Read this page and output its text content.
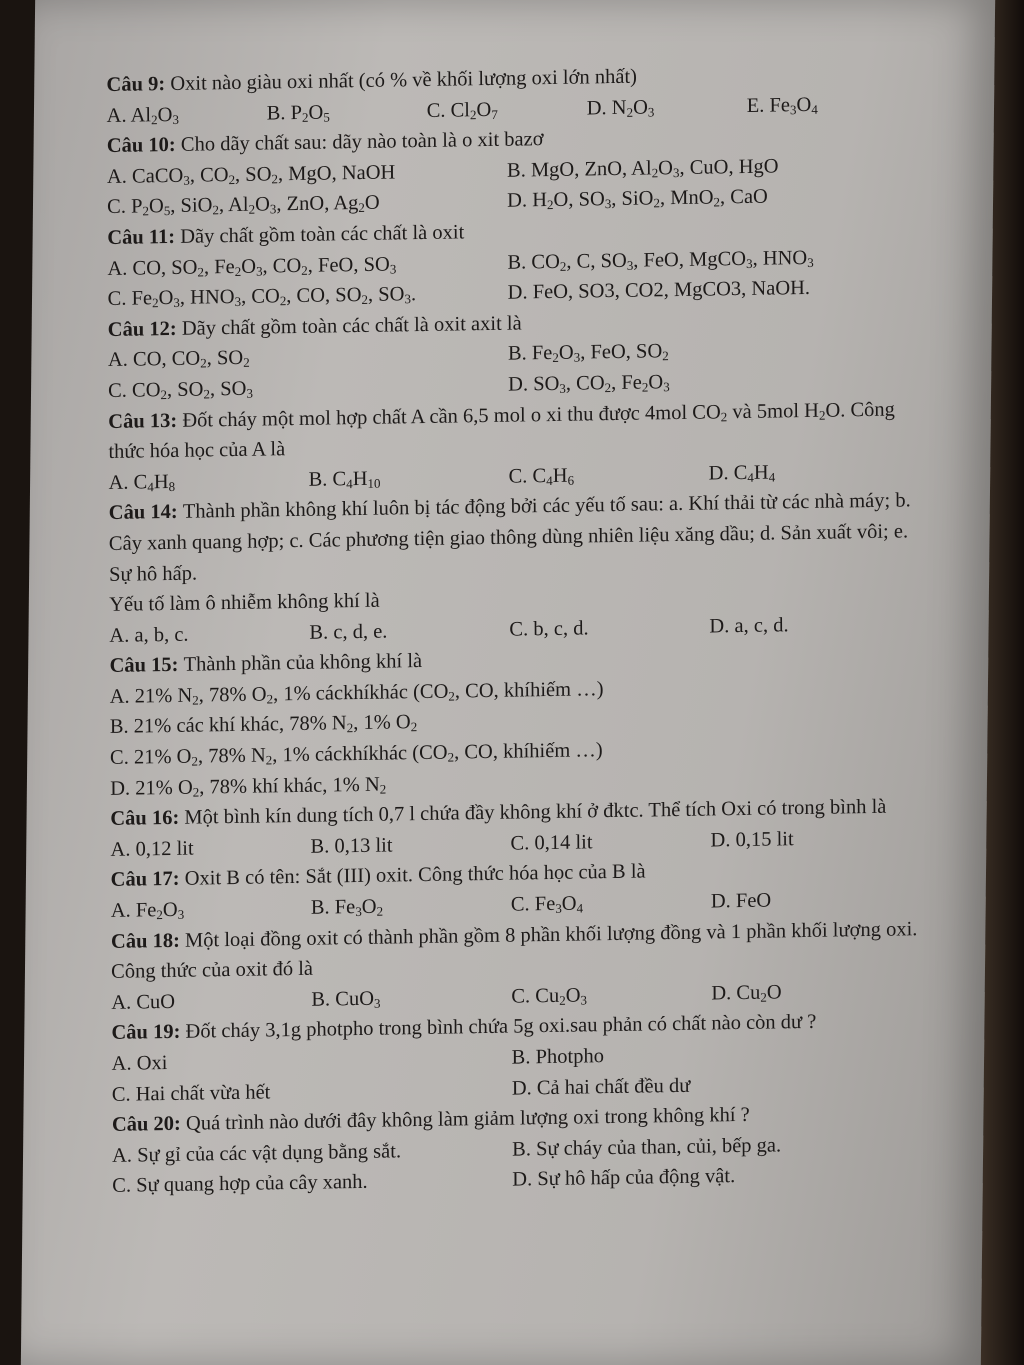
Câu 9: Oxit nào giàu oxi nhất (có % về khối lượng oxi lớn nhất)
A. $Al_2O_3$	B. $P_2O_5$	C. $Cl_2O_7$	D. $N_2O_3$	E. $Fe_3O_4$
Câu 10: Cho dãy chất sau: dãy nào toàn là o xit bazơ
A. CaCO$_3$, $CO_2$, $SO_2$, MgO, NaOH	B. MgO, ZnO, $Al_2O_3$, CuO, HgO
C. $P_2O_5$, SiO$_2$, $Al_2O_3$, ZnO, $Ag_2O$	D. $H_2O$, $SO_3$, SiO$_2$, MnO$_2$, CaO
Câu 11: Dãy chất gồm toàn các chất là oxit
A. CO, $SO_2$, $Fe_2O_3$, $CO_2$, FeO, $SO_3$	B. $CO_2$, C, $SO_3$, FeO, MgCO$_3$, $HNO_3$
C. $Fe_2O_3$, $HNO_3$, $CO_2$, CO, $SO_2$, $SO_3$.	D. FeO, SO3, CO2, MgCO3, NaOH.
Câu 12: Dãy chất gồm toàn các chất là oxit axit là
A. CO, $CO_2$, $SO_2$	B. $Fe_2O_3$, FeO, $SO_2$
C. $CO_2$, $SO_2$, $SO_3$	D. $SO_3$, $CO_2$, $Fe_2O_3$
Câu 13: Đốt cháy một mol hợp chất A cần 6,5 mol o xi thu được 4mol $CO_2$ và 5mol $H_2O$. Công thức hóa học của A là
A. $C_4H_8$	B. $C_4H_{10}$	C. $C_4H_6$	D. $C_4H_4$
Câu 14: Thành phần không khí luôn bị tác động bởi các yếu tố sau: a. Khí thải từ các nhà máy; b. Cây xanh quang hợp; c. Các phương tiện giao thông dùng nhiên liệu xăng dầu; d. Sản xuất vôi; e. Sự hô hấp.
Yếu tố làm ô nhiễm không khí là
A. a, b, c.	B. c, d, e.	C. b, c, d.	D. a, c, d.
Câu 15: Thành phần của không khí là
A. 21% $N_2$, 78% $O_2$, 1% cáckhíkhác ($CO_2$, CO, khíhiếm …)
B. 21% các khí khác, 78% $N_2$, 1% $O_2$
C. 21% $O_2$, 78% $N_2$, 1% cáckhíkhác ($CO_2$, CO, khíhiếm …)
D. 21% $O_2$, 78% khí khác, 1% $N_2$
Câu 16: Một bình kín dung tích 0,7 l chứa đầy không khí ở đktc. Thể tích Oxi có trong bình là
A. 0,12 lit	B. 0,13 lit	C. 0,14 lit	D. 0,15 lit
Câu 17: Oxit B có tên: Sắt (III) oxit. Công thức hóa học của B là
A. $Fe_2O_3$	B. $Fe_3O_2$	C. $Fe_3O_4$	D. FeO
Câu 18: Một loại đồng oxit có thành phần gồm 8 phần khối lượng đồng và 1 phần khối lượng oxi. Công thức của oxit đó là
A. CuO	B. CuO$_3$	C. $Cu_2O_3$	D. $Cu_2O$
Câu 19: Đốt cháy 3,1g photpho trong bình chứa 5g oxi.sau phản có chất nào còn dư ?
A. Oxi	B. Photpho
C. Hai chất vừa hết	D. Cả hai chất đều dư
Câu 20: Quá trình nào dưới đây không làm giảm lượng oxi trong không khí ?
A. Sự gỉ của các vật dụng bằng sắt.	B. Sự cháy của than, củi, bếp ga.
C. Sự quang hợp của cây xanh.	D. Sự hô hấp của động vật.
